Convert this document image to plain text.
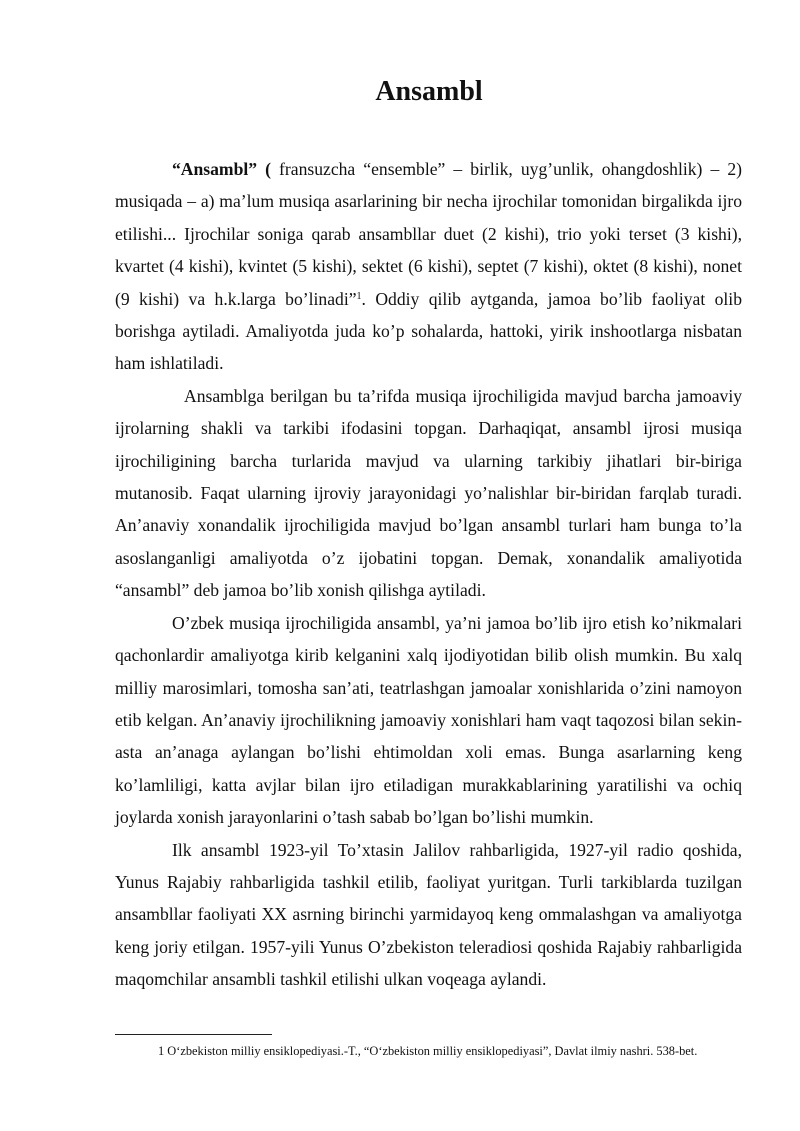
Ansambl

“Ansambl” ( fransuzcha “ensemble” – birlik, uyg’unlik, ohangdoshlik) – 2) musiqada – a) ma’lum musiqa asarlarining bir necha ijrochilar tomonidan birgalikda ijro etilishi... Ijrochilar soniga qarab ansambllar duet (2 kishi), trio yoki terset (3 kishi), kvartet (4 kishi), kvintet (5 kishi), sektet (6 kishi), septet (7 kishi), oktet (8 kishi), nonet (9 kishi) va h.k.larga bo’linadi”$^1$. Oddiy qilib aytganda, jamoa bo’lib faoliyat olib borishga aytiladi. Amaliyotda juda ko’p sohalarda, hattoki, yirik inshootlarga nisbatan ham ishlatiladi.

Ansamblga berilgan bu ta’rifda musiqa ijrochiligida mavjud barcha jamoaviy ijrolarning shakli va tarkibi ifodasini topgan. Darhaqiqat, ansambl ijrosi musiqa ijrochiligining barcha turlarida mavjud va ularning tarkibiy jihatlari bir-biriga mutanosib. Faqat ularning ijroviy jarayonidagi yo’nalishlar bir-biridan farqlab turadi. An’anaviy xonandalik ijrochiligida mavjud bo’lgan ansambl turlari ham bunga to’la asoslanganligi amaliyotda o’z ijobatini topgan. Demak, xonandalik amaliyotida “ansambl” deb jamoa bo’lib xonish qilishga aytiladi.

O’zbek musiqa ijrochiligida ansambl, ya’ni jamoa bo’lib ijro etish ko’nikmalari qachonlardir amaliyotga kirib kelganini xalq ijodiyotidan bilib olish mumkin. Bu xalq milliy marosimlari, tomosha san’ati, teatrlashgan jamoalar xonishlarida o’zini namoyon etib kelgan. An’anaviy ijrochilikning jamoaviy xonishlari ham vaqt taqozosi bilan sekin-asta an’anaga aylangan bo’lishi ehtimoldan xoli emas. Bunga asarlarning keng ko’lamliligi, katta avjlar bilan ijro etiladigan murakkablarining yaratilishi va ochiq joylarda xonish jarayonlarini o’tash sabab bo’lgan bo’lishi mumkin.

Ilk ansambl 1923-yil To’xtasin Jalilov rahbarligida, 1927-yil radio qoshida, Yunus Rajabiy rahbarligida tashkil etilib, faoliyat yuritgan. Turli tarkiblarda tuzilgan ansambllar faoliyati XX asrning birinchi yarmidayoq keng ommalashgan va amaliyotga keng joriy etilgan. 1957-yili Yunus O’zbekiston teleradiosi qoshida Rajabiy rahbarligida maqomchilar ansambli tashkil etilishi ulkan voqeaga aylandi.

1 O‘zbekiston milliy ensiklopediyasi.-T., “O‘zbekiston milliy ensiklopediyasi”, Davlat ilmiy nashri. 538-bet.
